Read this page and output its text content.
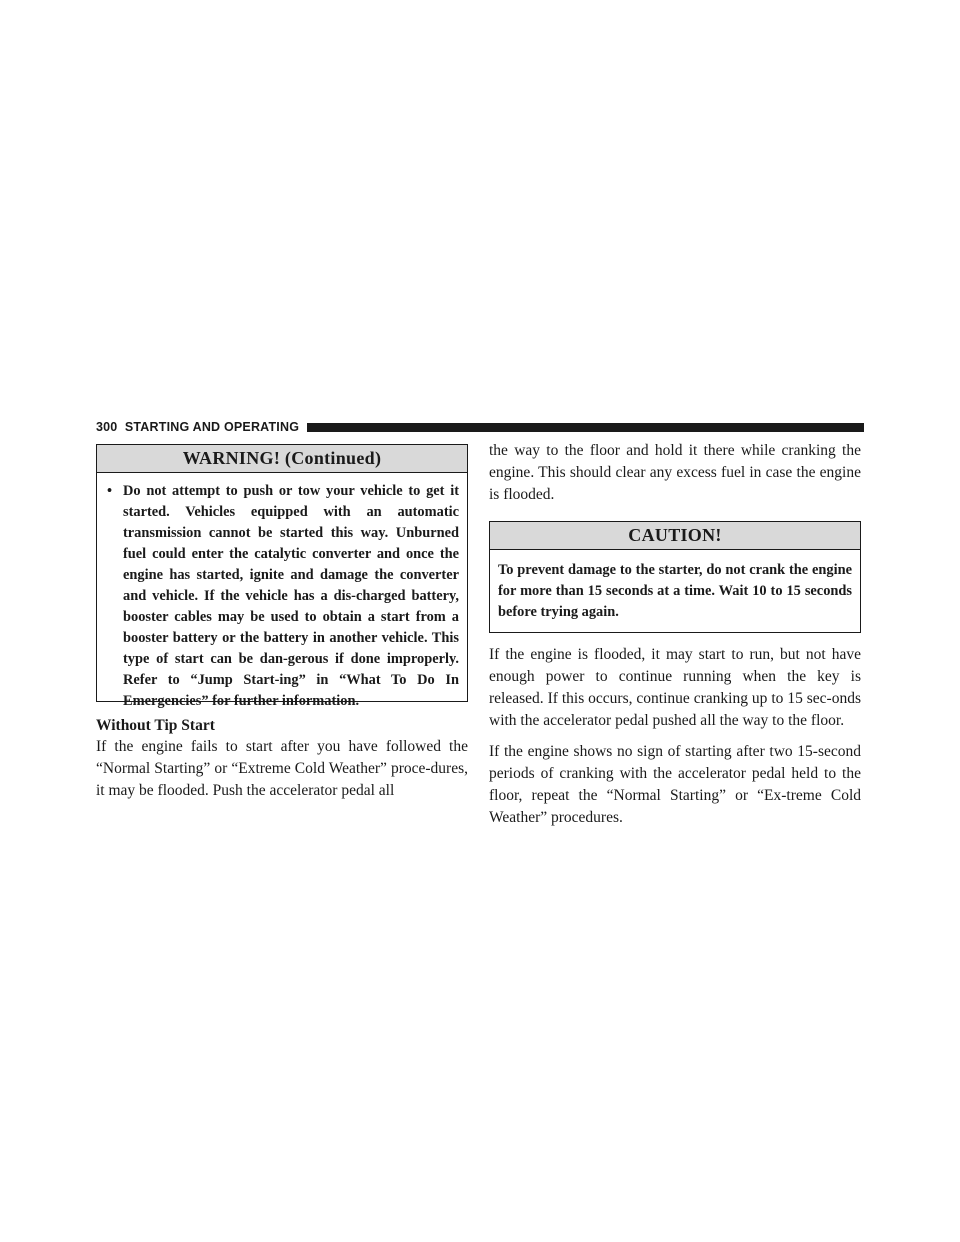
300 STARTING AND OPERATING
WARNING! (Continued)
• Do not attempt to push or tow your vehicle to get it started. Vehicles equipped with an automatic transmission cannot be started this way. Unburned fuel could enter the catalytic converter and once the engine has started, ignite and damage the converter and vehicle. If the vehicle has a dis-charged battery, booster cables may be used to obtain a start from a booster battery or the battery in another vehicle. This type of start can be dan-gerous if done improperly. Refer to “Jump Start-ing” in “What To Do In Emergencies” for further information.
Without Tip Start

If the engine fails to start after you have followed the “Normal Starting” or “Extreme Cold Weather” proce-dures, it may be flooded. Push the accelerator pedal all

the way to the floor and hold it there while cranking the engine. This should clear any excess fuel in case the engine is flooded.

CAUTION!
To prevent damage to the starter, do not crank the engine for more than 15 seconds at a time. Wait 10 to 15 seconds before trying again.

If the engine is flooded, it may start to run, but not have enough power to continue running when the key is released. If this occurs, continue cranking up to 15 sec-onds with the accelerator pedal pushed all the way to the floor.

If the engine shows no sign of starting after two 15-second periods of cranking with the accelerator pedal held to the floor, repeat the “Normal Starting” or “Ex-treme Cold Weather” procedures.
